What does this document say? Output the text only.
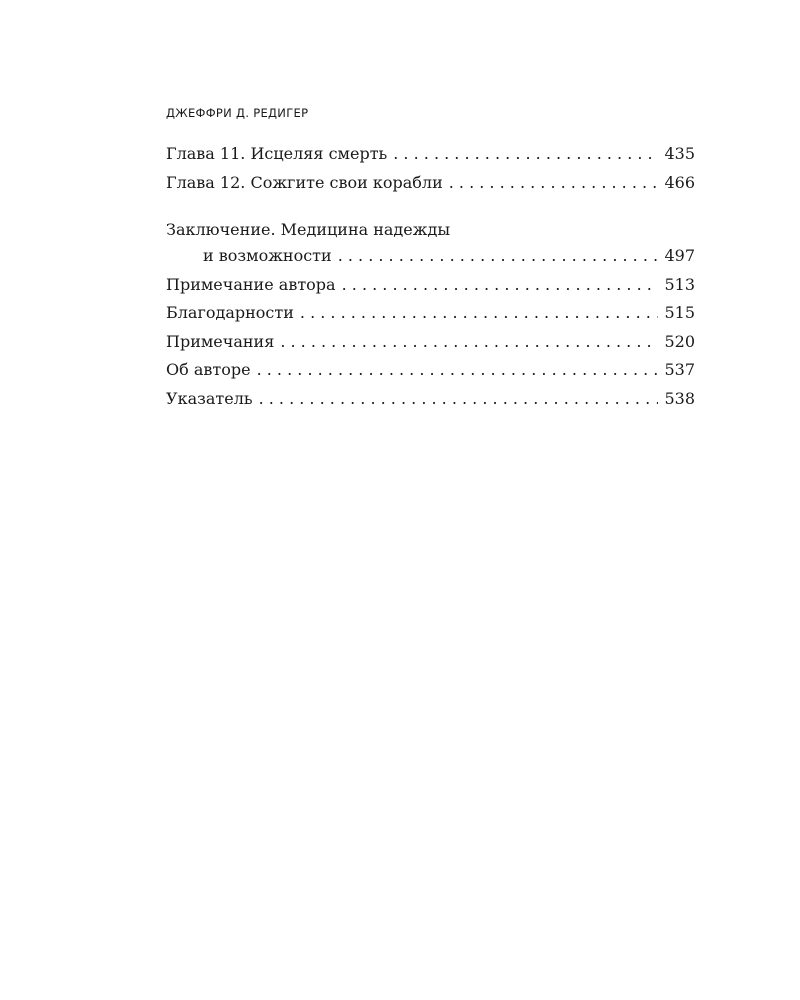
ДЖЕФФРИ Д. РЕДИГЕР
Глава 11. Исцеляя смерть . . .	435
Глава 12. Сожгите свои корабли . . .	466
Заключение. Медицина надежды
и возможности . . .	497
Примечание автора . . .	513
Благодарности . . .	515
Примечания . . .	520
Об авторе . . .	537
Указатель . . .	538
